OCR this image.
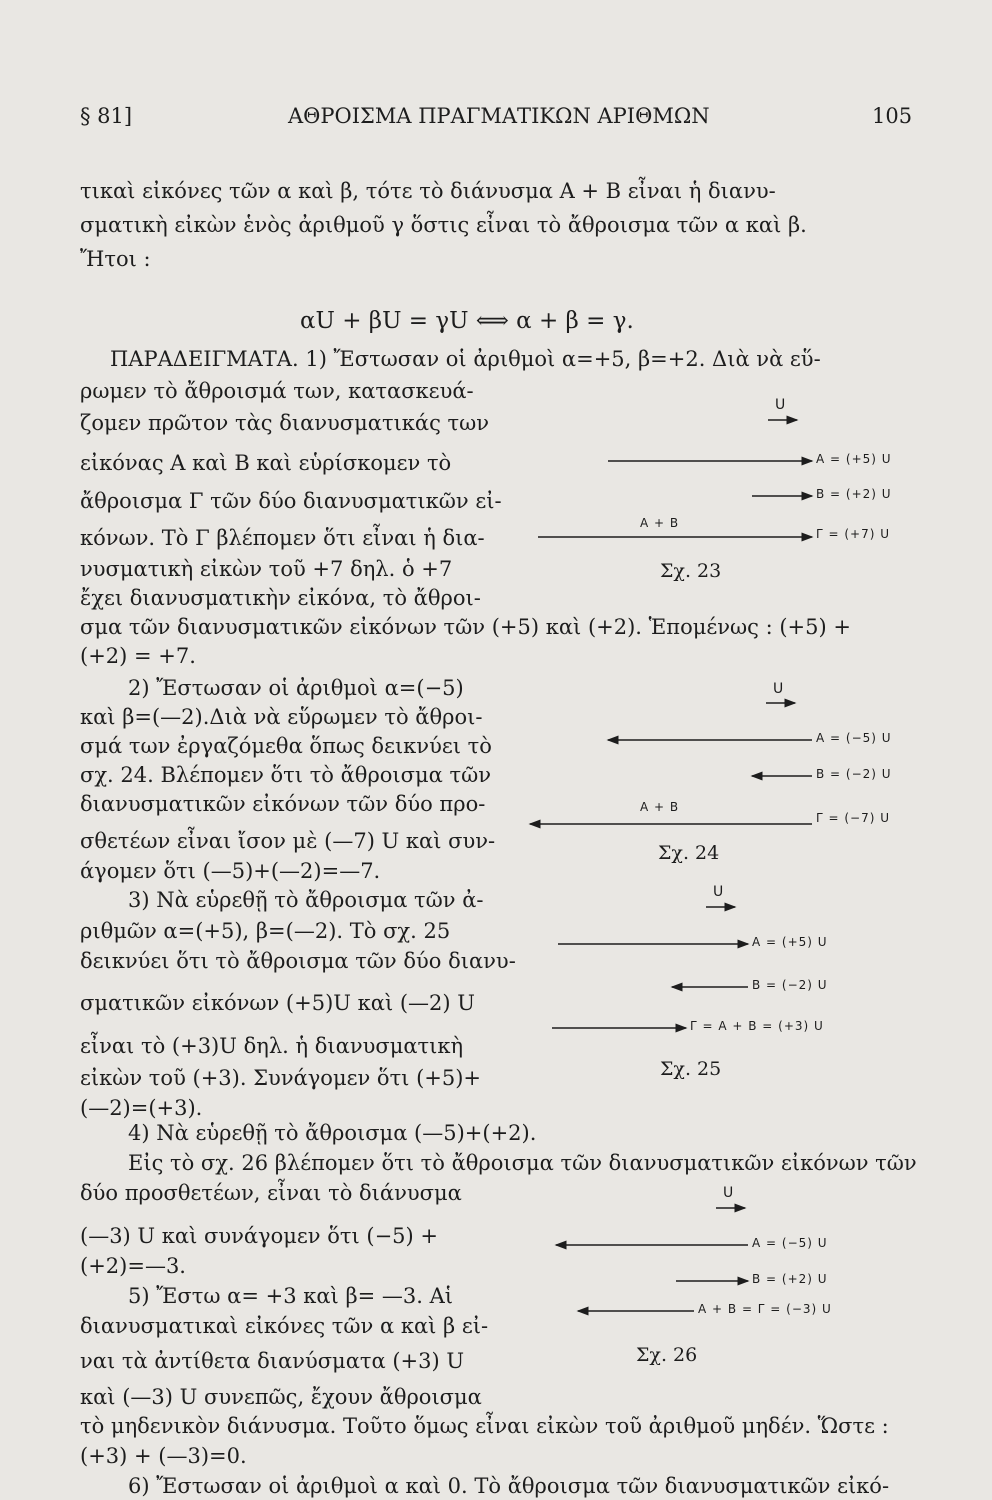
§ 81]	ΑΘΡΟΙΣΜΑ ΠΡΑΓΜΑΤΙΚΩΝ ΑΡΙΘΜΩΝ	105
τικαὶ εἰκόνες τῶν α καὶ β, τότε τὸ διάνυσμα A + B εἶναι ἡ διανυ-
σματικὴ εἰκὼν ἑνὸς ἀριθμοῦ γ ὅστις εἶναι τὸ ἄθροισμα τῶν α καὶ β.
Ἤτοι :
αU + βU = γU ⟺ α + β = γ.
ΠΑΡΑΔΕΙΓΜΑΤΑ. 1) Ἔστωσαν οἱ ἀριθμοὶ α=+5, β=+2. Διὰ νὰ εὕ-
ρωμεν τὸ ἄθροισμά των, κατασκευά-
ζομεν πρῶτον τὰς διανυσματικάς των
εἰκόνας A καὶ B καὶ εὑρίσκομεν τὸ
ἄθροισμα Γ τῶν δύο διανυσματικῶν εἰ-
κόνων. Τὸ Γ βλέπομεν ὅτι εἶναι ἡ δια-
νυσματικὴ εἰκὼν τοῦ +7 δηλ. ὁ +7
ἔχει διανυσματικὴν εἰκόνα, τὸ ἄθροι-
σμα τῶν διανυσματικῶν εἰκόνων τῶν (+5) καὶ (+2). Ἑπομένως : (+5) +
(+2) = +7.
2) Ἔστωσαν οἱ ἀριθμοὶ α=(−5)
καὶ β=(—2).Διὰ νὰ εὕρωμεν τὸ ἄθροι-
σμά των ἐργαζόμεθα ὅπως δεικνύει τὸ
σχ. 24. Βλέπομεν ὅτι τὸ ἄθροισμα τῶν
διανυσματικῶν εἰκόνων τῶν δύο προ-
σθετέων εἶναι ἴσον μὲ (—7) U καὶ συν-
άγομεν ὅτι (—5)+(—2)=—7.
3) Νὰ εὑρεθῇ τὸ ἄθροισμα τῶν ἀ-
ριθμῶν α=(+5), β=(—2). Τὸ σχ. 25
δεικνύει ὅτι τὸ ἄθροισμα τῶν δύο διανυ-
σματικῶν εἰκόνων (+5)U καὶ (—2) U
εἶναι τὸ (+3)U δηλ. ἡ διανυσματικὴ
εἰκὼν τοῦ (+3). Συνάγομεν ὅτι (+5)+
(—2)=(+3).
4) Νὰ εὑρεθῇ τὸ ἄθροισμα (—5)+(+2).
Εἰς τὸ σχ. 26 βλέπομεν ὅτι τὸ ἄθροισμα τῶν διανυσματικῶν εἰκόνων τῶν
δύο προσθετέων, εἶναι τὸ διάνυσμα
(—3) U καὶ συνάγομεν ὅτι (−5) +
(+2)=—3.
5) Ἔστω α= +3 καὶ β= —3. Αἱ
διανυσματικαὶ εἰκόνες τῶν α καὶ β εἰ-
ναι τὰ ἀντίθετα διανύσματα (+3) U
καὶ (—3) U συνεπῶς, ἔχουν ἄθροισμα
τὸ μηδενικὸν διάνυσμα. Τοῦτο ὅμως εἶναι εἰκὼν τοῦ ἀριθμοῦ μηδέν. Ὥστε :
(+3) + (—3)=0.
6) Ἔστωσαν οἱ ἀριθμοὶ α καὶ 0. Τὸ ἄθροισμα τῶν διανυσματικῶν εἰκό-
U
A = (+5) U
B = (+2) U
A + B
Γ = (+7) U
Σχ. 23
U
A = (−5) U
B = (−2) U
A + B
Γ = (−7) U
Σχ. 24
U
A = (+5) U
B = (−2) U
Γ = A + B = (+3) U
Σχ. 25
U
A = (−5) U
B = (+2) U
A + B = Γ = (−3) U
Σχ. 26
